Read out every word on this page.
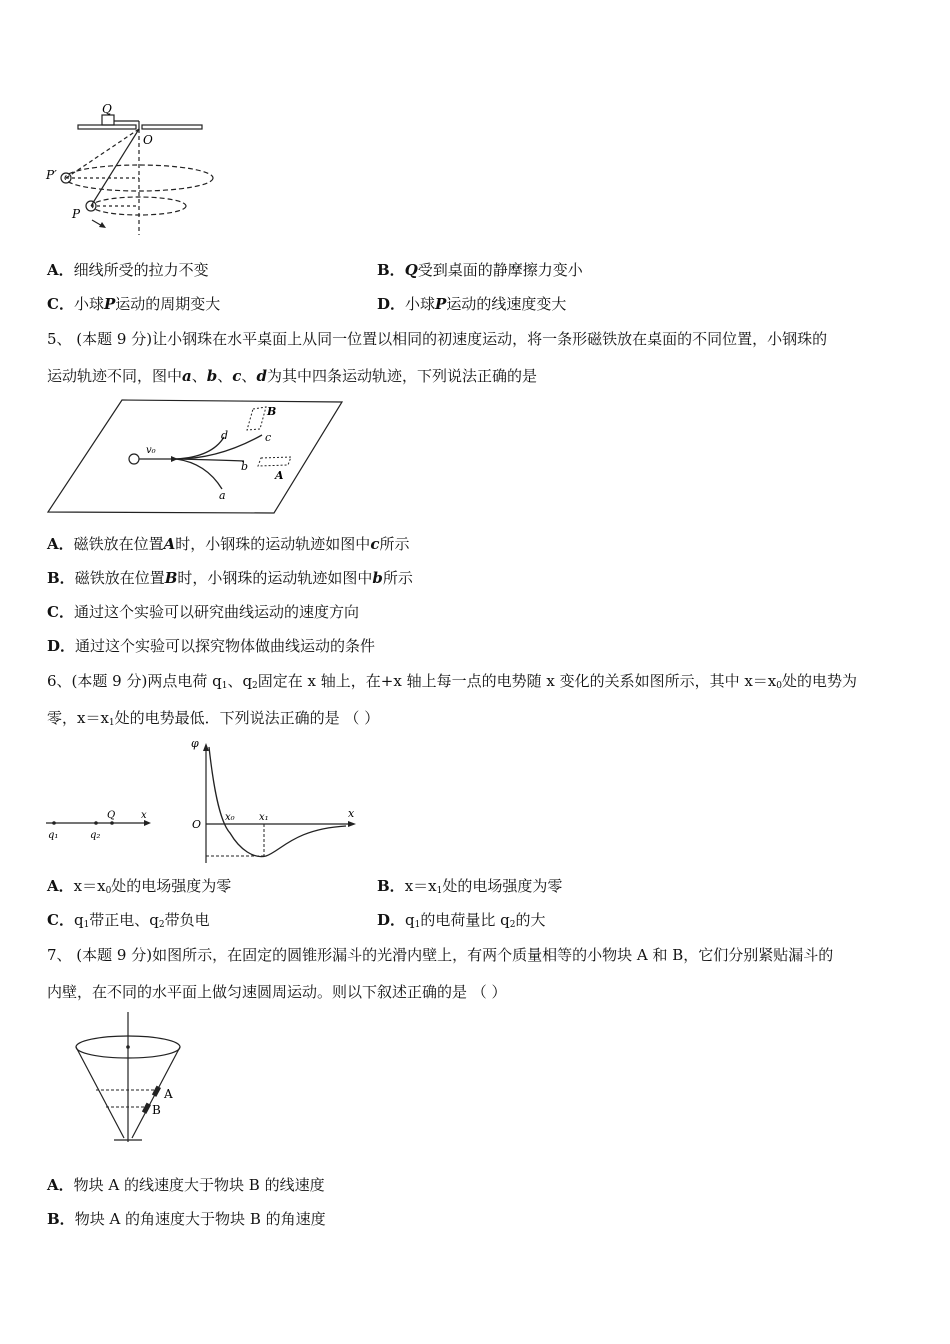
Q
O
P′
P
A．细线所受的拉力不变	B．Q受到桌面的静摩擦力变小
C．小球P运动的周期变大	D．小球P运动的线速度变大
5、 (本题 9 分)让小钢珠在水平桌面上从同一位置以相同的初速度运动，将一条形磁铁放在桌面的不同位置，小钢珠的
运动轨迹不同，图中a、b、c、d为其中四条运动轨迹，下列说法正确的是
v₀
d	c
b
a
B
A
A．磁铁放在位置A时，小钢珠的运动轨迹如图中c所示
B．磁铁放在位置B时，小钢珠的运动轨迹如图中b所示
C．通过这个实验可以研究曲线运动的速度方向
D．通过这个实验可以探究物体做曲线运动的条件
6、(本题 9 分)两点电荷 $q_1$、$q_2$固定在 x 轴上，在+x 轴上每一点的电势随 x 变化的关系如图所示，其中 $x=x_0$处的电势为
零，$x=x_1$处的电势最低．下列说法正确的是 （ ）
q₁	q₂
Q	x
φ
O
x₀ x₁	x
A．$x=x_0$处的电场强度为零	B．$x=x_1$处的电场强度为零
C．$q_1$带正电、$q_2$带负电	D．$q_1$的电荷量比 $q_2$的大
7、 (本题 9 分)如图所示，在固定的圆锥形漏斗的光滑内壁上，有两个质量相等的小物块 A 和 B，它们分别紧贴漏斗的
内壁，在不同的水平面上做匀速圆周运动。则以下叙述正确的是 （ ）
A
B
A．物块 A 的线速度大于物块 B 的线速度
B．物块 A 的角速度大于物块 B 的角速度
